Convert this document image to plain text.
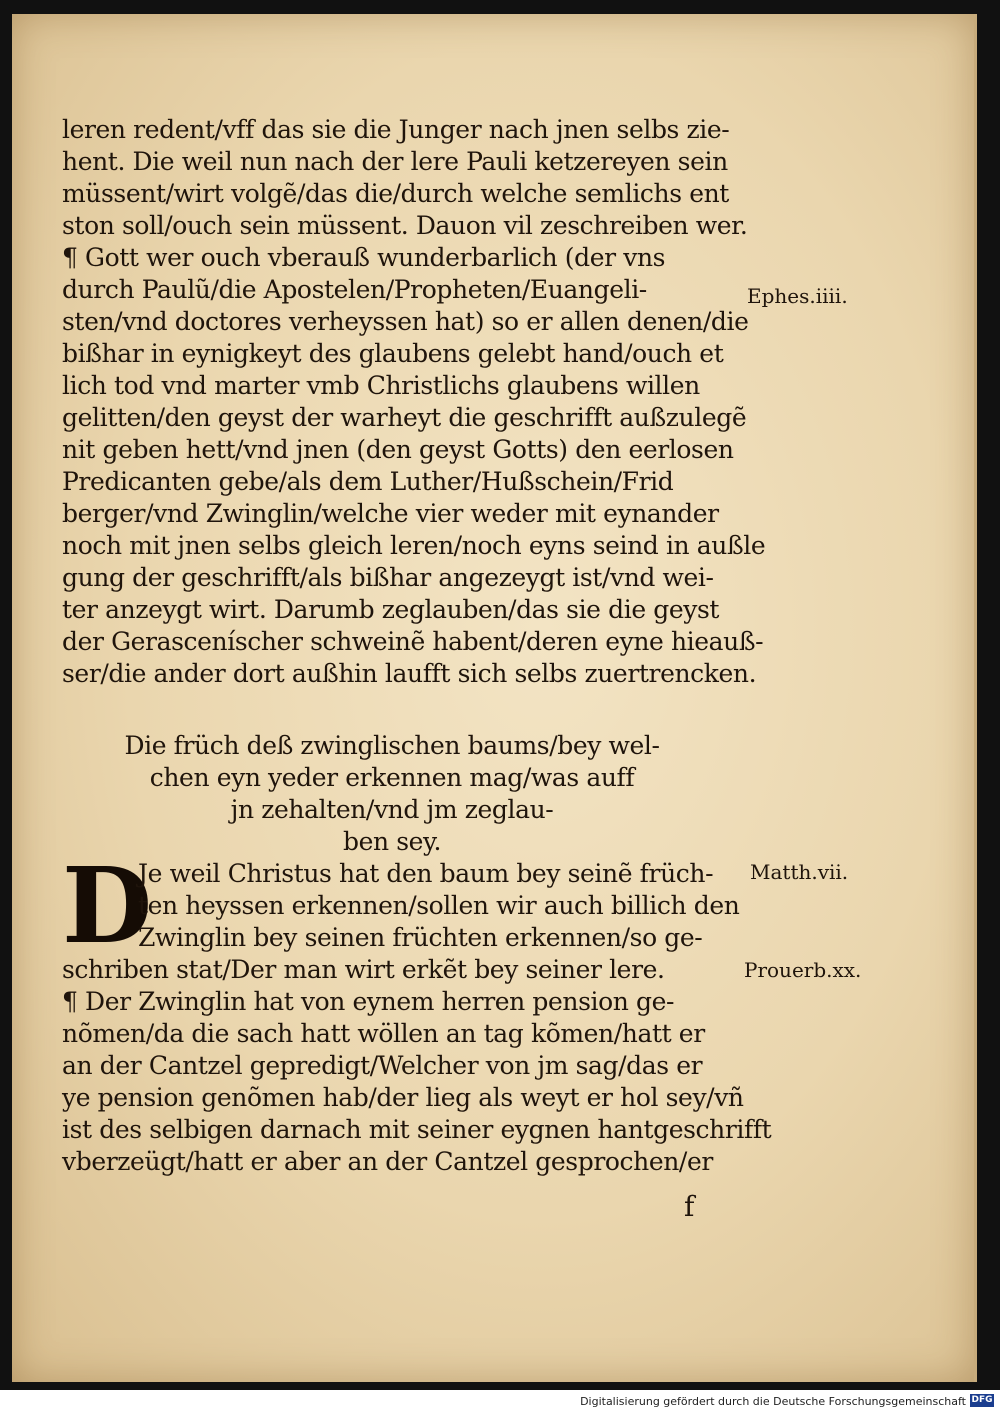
leren redent/vff das sie die Junger nach jnen selbs zie‑
hent. Die weil nun nach der lere Pauli ketzereyen sein
müssent/wirt volgẽ/das die/durch welche semlichs ent
ston soll/ouch sein müssent. Dauon vil zeschreiben wer.
¶ Gott wer ouch vberauß wunderbarlich (der vns
durch Paulũ/die Apostelen/Propheten/Euangeli‑
sten/vnd doctores verheyssen hat) so er allen denen/die
bißhar in eynigkeyt des glaubens gelebt hand/ouch et
lich tod vnd marter vmb Christlichs glaubens willen
gelitten/den geyst der warheyt die geschrifft außzulegẽ
nit geben hett/vnd jnen (den geyst Gotts) den eerlosen
Predicanten gebe/als dem Luther/Hußschein/Frid
berger/vnd Zwinglin/welche vier weder mit eynander
noch mit jnen selbs gleich leren/noch eyns seind in außle
gung der geschrifft/als bißhar angezeygt ist/vnd wei‑
ter anzeygt wirt. Darumb zeglauben/das sie die geyst
der Gerasceníscher schweinẽ habent/deren eyne hieauß‑
ser/die ander dort außhin laufft sich selbs zuertrencken.
Die früch deß zwinglischen baums/bey wel‑
chen eyn yeder erkennen mag/was auff
jn zehalten/vnd jm zeglau‑
ben sey.
D
Je weil Christus hat den baum bey seinẽ früch‑
ten heyssen erkennen/sollen wir auch billich den
Zwinglin bey seinen früchten erkennen/so ge‑
schriben stat/Der man wirt erkẽt bey seiner lere.
¶ Der Zwinglin hat von eynem herren pension ge‑
nõmen/da die sach hatt wöllen an tag kõmen/hatt er
an der Cantzel gepredigt/Welcher von jm sag/das er
ye pension genõmen hab/der lieg als weyt er hol sey/vñ
ist des selbigen darnach mit seiner eygnen hantgeschrifft
vberzeügt/hatt er aber an der Cantzel gesprochen/er
Ephes.iiii.
Matth.vii.
Prouerb.xx.
f
Digitalisierung gefördert durch die Deutsche Forschungsgemeinschaft DFG
